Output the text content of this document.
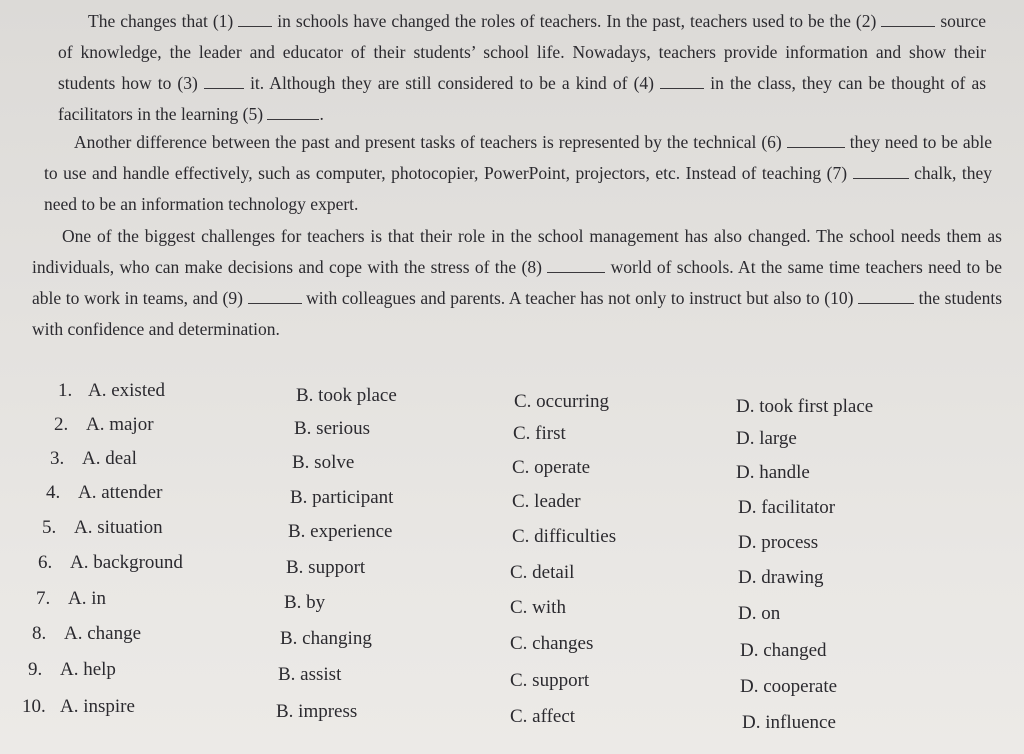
The changes that (1)	in schools have changed the roles of teachers. In the past, teachers used to be the (2)	source of knowledge, the leader and educator of their students’ school life. Nowadays, teachers provide information and show their students how to (3)	it. Although they are still considered to be a kind of (4)	in the class, they can be thought of as facilitators in the learning (5)	.
Another difference between the past and present tasks of teachers is represented by the technical (6)	they need to be able to use and handle effectively, such as computer, photocopier, PowerPoint, projectors, etc. Instead of teaching (7)	chalk, they need to be an information technology expert.
One of the biggest challenges for teachers is that their role in the school management has also changed. The school needs them as individuals, who can make decisions and cope with the stress of the (8)	world of schools. At the same time teachers need to be able to work in teams, and (9)	with colleagues and parents. A teacher has not only to instruct but also to (10)	the students with confidence and determination.
1. A. existed	B. took place	C. occurring	D. took first place
2. A. major	B. serious	C. first	D. large
3. A. deal	B. solve	C. operate	D. handle
4. A. attender	B. participant	C. leader	D. facilitator
5. A. situation	B. experience	C. difficulties	D. process
6. A. background	B. support	C. detail	D. drawing
7. A. in	B. by	C. with	D. on
8. A. change	B. changing	C. changes	D. changed
9. A. help	B. assist	C. support	D. cooperate
10. A. inspire	B. impress	C. affect	D. influence
